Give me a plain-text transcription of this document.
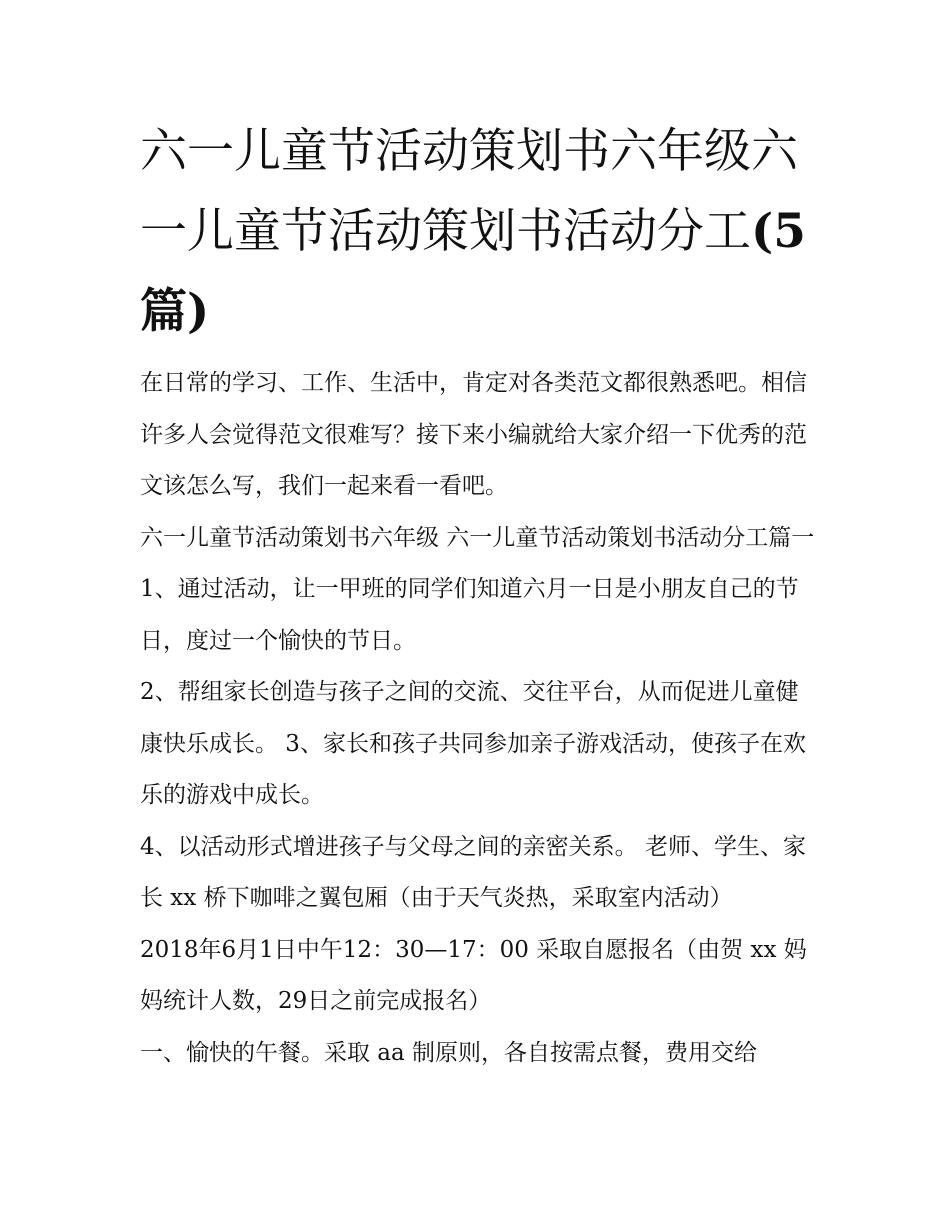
六一儿童节活动策划书六年级六一儿童节活动策划书活动分工(5篇)

在日常的学习、工作、生活中，肯定对各类范文都很熟悉吧。相信许多人会觉得范文很难写？接下来小编就给大家介绍一下优秀的范文该怎么写，我们一起来看一看吧。

六一儿童节活动策划书六年级 六一儿童节活动策划书活动分工篇一 1、通过活动，让一甲班的同学们知道六月一日是小朋友自己的节日，度过一个愉快的节日。

2、帮组家长创造与孩子之间的交流、交往平台，从而促进儿童健康快乐成长。 3、家长和孩子共同参加亲子游戏活动，使孩子在欢乐的游戏中成长。

4、以活动形式增进孩子与父母之间的亲密关系。 老师、学生、家长 xx 桥下咖啡之翼包厢（由于天气炎热，采取室内活动）

2018年6月1日中午12：30—17：00 采取自愿报名（由贺 xx 妈妈统计人数，29日之前完成报名）

一、愉快的午餐。采取 aa 制原则，各自按需点餐，费用交给
